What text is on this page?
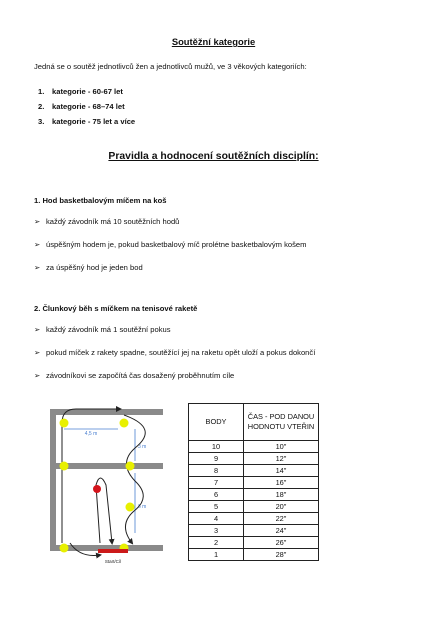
Soutěžní kategorie
Jedná se o soutěž jednotlivců žen a jednotlivců mužů, ve 3 věkových kategoriích:
1. kategorie - 60-67 let
2. kategorie - 68–74 let
3. kategorie - 75 let a více
Pravidla a hodnocení soutěžních disciplín:
1. Hod basketbalovým míčem na koš
➢ každý závodník má 10 soutěžních hodů
➢ úspěšným hodem je, pokud basketbalový míč prolétne basketbalovým košem
➢ za úspěšný hod je jeden bod
2. Člunkový běh s míčkem na tenisové raketě
➢ každý závodník má 1 soutěžní pokus
➢ pokud míček z rakety spadne, soutěžící jej na raketu opět uloží a pokus dokončí
➢ závodníkovi se započítá čas dosažený proběhnutím cíle
4,5 m
3 m
6 m
Start/Cíl
BODY	ČAS - POD DANOU HODNOTU VTEŘIN
10	10"
9	12"
8	14"
7	16"
6	18"
5	20"
4	22"
3	24"
2	26"
1	28"
